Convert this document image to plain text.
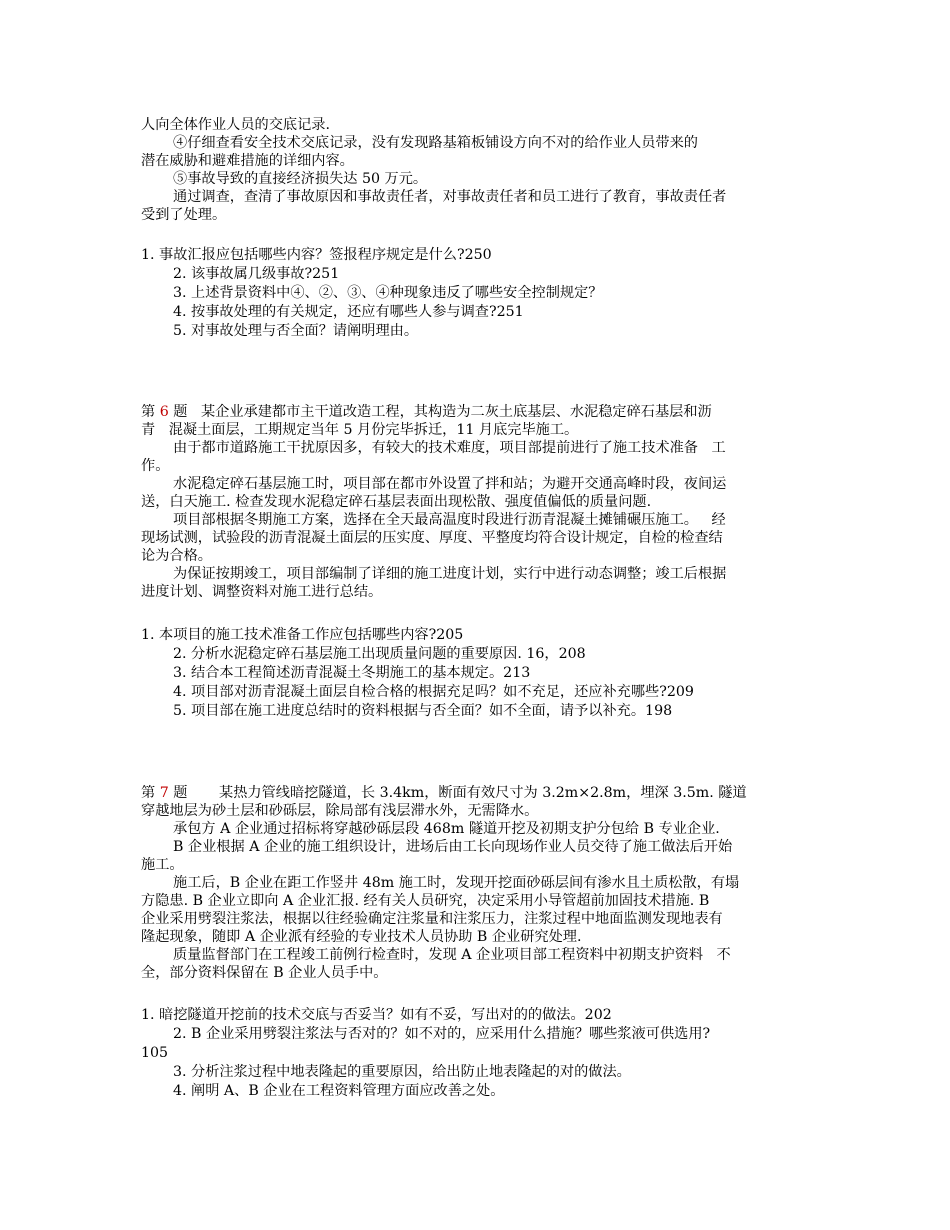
人向全体作业人员的交底记录.
④仔细查看安全技术交底记录，没有发现路基箱板铺设方向不对的给作业人员带来的
潜在威胁和避难措施的详细内容。
⑤事故导致的直接经济损失达 50 万元。
通过调查，查清了事故原因和事故责任者，对事故责任者和员工进行了教育，事故责任者
受到了处理。
1. 事故汇报应包括哪些内容？签报程序规定是什么?250
2. 该事故属几级事故?251
3. 上述背景资料中④、②、③、④种现象违反了哪些安全控制规定？
4. 按事故处理的有关规定，还应有哪些人参与调查?251
5. 对事故处理与否全面？请阐明理由。
第 6 题   某企业承建都市主干道改造工程，其构造为二灰土底基层、水泥稳定碎石基层和沥
青   混凝土面层，工期规定当年 5 月份完毕拆迁，11 月底完毕施工。
由于都市道路施工干扰原因多，有较大的技术难度，项目部提前进行了施工技术准备   工
作。
水泥稳定碎石基层施工时，项目部在都市外设置了拌和站；为避开交通高峰时段，夜间运
送，白天施工. 检查发现水泥稳定碎石基层表面出现松散、强度值偏低的质量问题.
项目部根据冬期施工方案，选择在全天最高温度时段进行沥青混凝土摊铺碾压施工。   经
现场试测，试验段的沥青混凝土面层的压实度、厚度、平整度均符合设计规定，自检的检查结
论为合格。
为保证按期竣工，项目部编制了详细的施工进度计划，实行中进行动态调整；竣工后根据
进度计划、调整资料对施工进行总结。
1. 本项目的施工技术准备工作应包括哪些内容?205
2. 分析水泥稳定碎石基层施工出现质量问题的重要原因. 16，208
3. 结合本工程简述沥青混凝土冬期施工的基本规定。213
4. 项目部对沥青混凝土面层自检合格的根据充足吗？如不充足，还应补充哪些?209
5. 项目部在施工进度总结时的资料根据与否全面？如不全面，请予以补充。198
第 7 题       某热力管线暗挖隧道，长 3.4km，断面有效尺寸为 3.2m×2.8m，埋深 3.5m. 隧道
穿越地层为砂土层和砂砾层，除局部有浅层滞水外，无需降水。
承包方 A 企业通过招标将穿越砂砾层段 468m 隧道开挖及初期支护分包给 B 专业企业.
B 企业根据 A 企业的施工组织设计，进场后由工长向现场作业人员交待了施工做法后开始
施工。
施工后，B 企业在距工作竖井 48m 施工时，发现开挖面砂砾层间有渗水且土质松散，有塌
方隐患. B 企业立即向 A 企业汇报. 经有关人员研究，决定采用小导管超前加固技术措施. B
企业采用劈裂注浆法，根据以往经验确定注浆量和注浆压力，注浆过程中地面监测发现地表有
隆起现象，随即 A 企业派有经验的专业技术人员协助 B 企业研究处理.
质量监督部门在工程竣工前例行检查时，发现 A 企业项目部工程资料中初期支护资料   不
全，部分资料保留在 B 企业人员手中。
1. 暗挖隧道开挖前的技术交底与否妥当？如有不妥，写出对的的做法。202
2. B 企业采用劈裂注浆法与否对的？如不对的，应采用什么措施？哪些浆液可供选用?
105
3. 分析注浆过程中地表隆起的重要原因，给出防止地表隆起的对的做法。
4. 阐明 A、B 企业在工程资料管理方面应改善之处。
